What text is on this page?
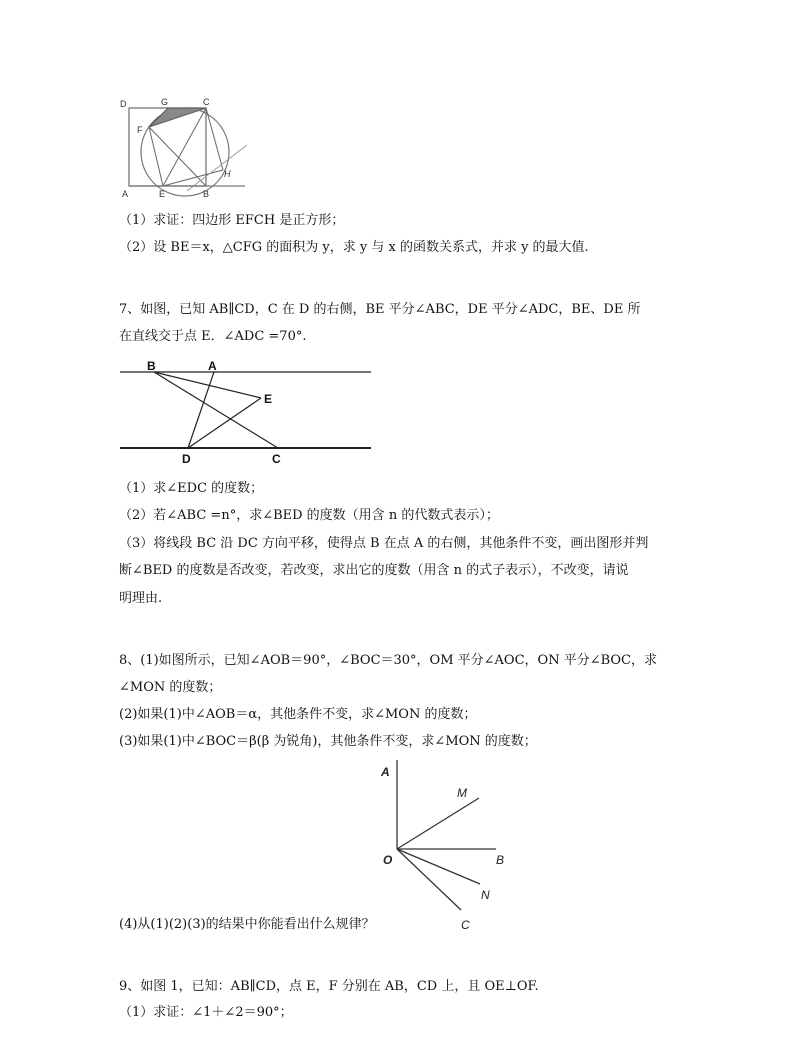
D	G	C
F
A	E	B
H
（1）求证：四边形 EFCH 是正方形；
（2）设 BE＝x，△CFG 的面积为 y，求 y 与 x 的函数关系式，并求 y 的最大值.
7、如图，已知 AB∥CD，C 在 D 的右侧，BE 平分∠ABC，DE 平分∠ADC，BE、DE 所
在直线交于点 E．∠ADC =70°.
B	A
E
D	C
（1）求∠EDC 的度数；
（2）若∠ABC =n°，求∠BED 的度数（用含 n 的代数式表示）；
（3）将线段 BC 沿 DC 方向平移，使得点 B 在点 A 的右侧，其他条件不变，画出图形并判
断∠BED 的度数是否改变，若改变，求出它的度数（用含 n 的式子表示），不改变，请说
明理由.
8、(1)如图所示，已知∠AOB＝90°，∠BOC＝30°，OM 平分∠AOC，ON 平分∠BOC，求
∠MON 的度数；
(2)如果(1)中∠AOB＝α，其他条件不变，求∠MON 的度数；
(3)如果(1)中∠BOC＝β(β 为锐角)，其他条件不变，求∠MON 的度数；
A
M
O	B
N
C
(4)从(1)(2)(3)的结果中你能看出什么规律？
9、如图 1，已知：AB∥CD，点 E，F 分别在 AB，CD 上，且 OE⊥OF.
（1）求证：∠1＋∠2＝90°；
